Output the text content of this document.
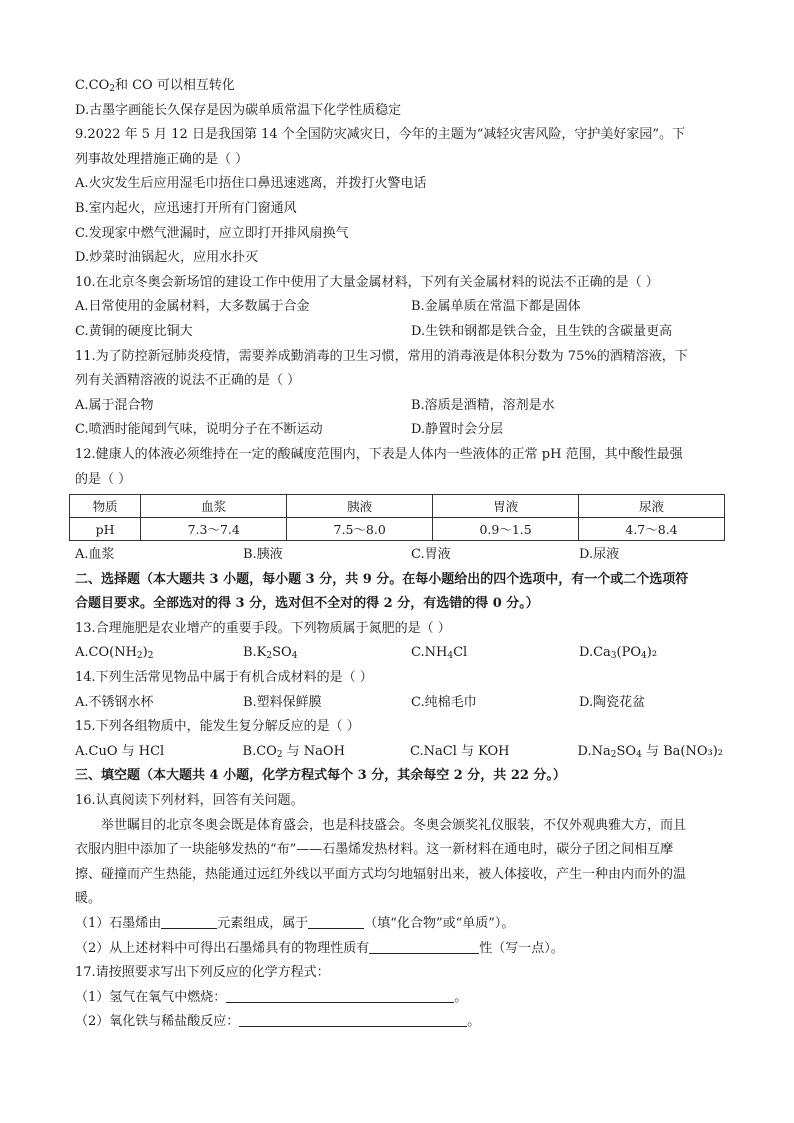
$C.CO_2$和 CO 可以相互转化
D.古墨字画能长久保存是因为碳单质常温下化学性质稳定
9.2022 年 5 月 12 日是我国第 14 个全国防灾减灾日，今年的主题为“减轻灾害风险，守护美好家园”。下
列事故处理措施正确的是（ ）
A.火灾发生后应用湿毛巾捂住口鼻迅速逃离，并拨打火警电话
B.室内起火，应迅速打开所有门窗通风
C.发现家中燃气泄漏时，应立即打开排风扇换气
D.炒菜时油锅起火，应用水扑灭
10.在北京冬奥会新场馆的建设工作中使用了大量金属材料，下列有关金属材料的说法不正确的是（ ）
A.日常使用的金属材料，大多数属于合金	B.金属单质在常温下都是固体
C.黄铜的硬度比铜大	D.生铁和钢都是铁合金，且生铁的含碳量更高
11.为了防控新冠肺炎疫情，需要养成勤消毒的卫生习惯，常用的消毒液是体积分数为 75%的酒精溶液，下
列有关酒精溶液的说法不正确的是（ ）
A.属于混合物	B.溶质是酒精，溶剂是水
C.喷洒时能闻到气味，说明分子在不断运动	D.静置时会分层
12.健康人的体液必须维持在一定的酸碱度范围内，下表是人体内一些液体的正常 pH 范围，其中酸性最强
的是（ ）
物质	血浆	胰液	胃液	尿液
pH	7.3～7.4	7.5～8.0	0.9～1.5	4.7～8.4
A.血浆	B.胰液	C.胃液	D.尿液
二、选择题（本大题共 3 小题，每小题 3 分，共 9 分。在每小题给出的四个选项中，有一个或二个选项符
合题目要求。全部选对的得 3 分，选对但不全对的得 2 分，有选错的得 0 分。）
13.合理施肥是农业增产的重要手段。下列物质属于氮肥的是（ ）
$A.CO(NH_2)_2$	$B.K_2SO_4$	$C.NH_4Cl$	$D.Ca_3(PO_4)_2$
14.下列生活常见物品中属于有机合成材料的是（ ）
A.不锈钢水杯	B.塑料保鲜膜	C.纯棉毛巾	D.陶瓷花盆
15.下列各组物质中，能发生复分解反应的是（ ）
A.CuO 与 HCl	$B.CO_2$ 与 NaOH	C.NaCl 与 KOH	$D.Na_2SO_4$ 与 Ba(NO₃)₂
三、填空题（本大题共 4 小题，化学方程式每个 3 分，其余每空 2 分，共 22 分。）
16.认真阅读下列材料，回答有关问题。
举世瞩目的北京冬奥会既是体育盛会，也是科技盛会。冬奥会颁奖礼仪服装，不仅外观典雅大方，而且
衣服内胆中添加了一块能够发热的“布”——石墨烯发热材料。这一新材料在通电时，碳分子团之间相互摩
擦、碰撞而产生热能，热能通过远红外线以平面方式均匀地辐射出来，被人体接收，产生一种由内而外的温
暖。
（1）石墨烯由	元素组成，属于	（填“化合物”或“单质”）。
（2）从上述材料中可得出石墨烯具有的物理性质有	性（写一点）。
17.请按照要求写出下列反应的化学方程式：
（1）氢气在氧气中燃烧：	。
（2）氧化铁与稀盐酸反应：	。
